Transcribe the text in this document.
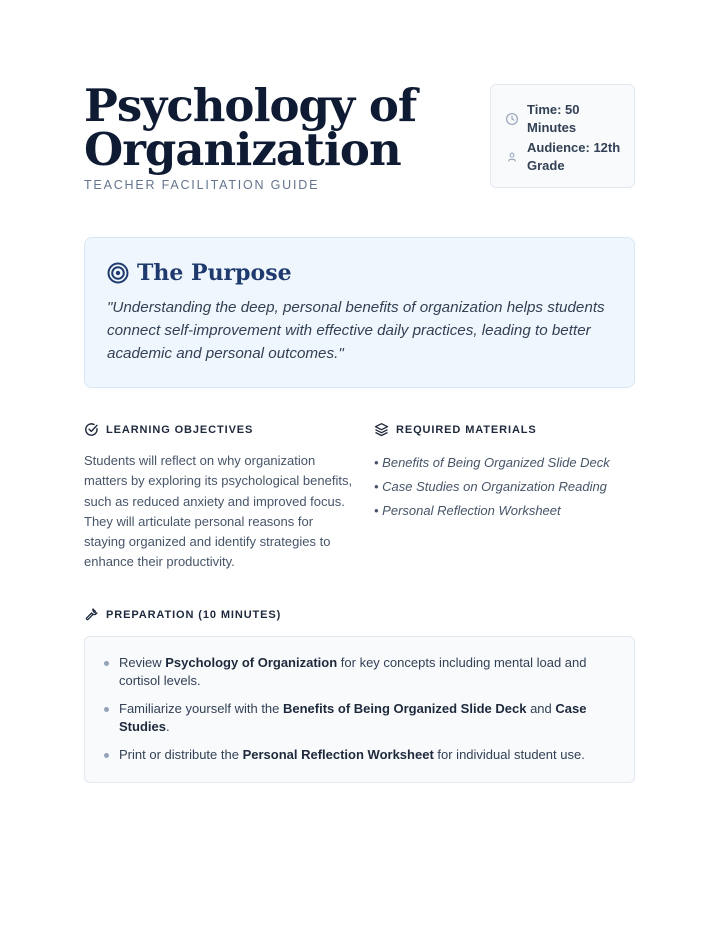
Psychology of Organization
TEACHER FACILITATION GUIDE
Time: 50 Minutes
Audience: 12th Grade
The Purpose

"Understanding the deep, personal benefits of organization helps students connect self-improvement with effective daily practices, leading to better academic and personal outcomes."

LEARNING OBJECTIVES

Students will reflect on why organization matters by exploring its psychological benefits, such as reduced anxiety and improved focus. They will articulate personal reasons for staying organized and identify strategies to enhance their productivity.

REQUIRED MATERIALS
• Benefits of Being Organized Slide Deck
• Case Studies on Organization Reading
• Personal Reflection Worksheet
PREPARATION (10 MINUTES)
Review Psychology of Organization for key concepts including mental load and cortisol levels.
Familiarize yourself with the Benefits of Being Organized Slide Deck and Case Studies.
Print or distribute the Personal Reflection Worksheet for individual student use.
